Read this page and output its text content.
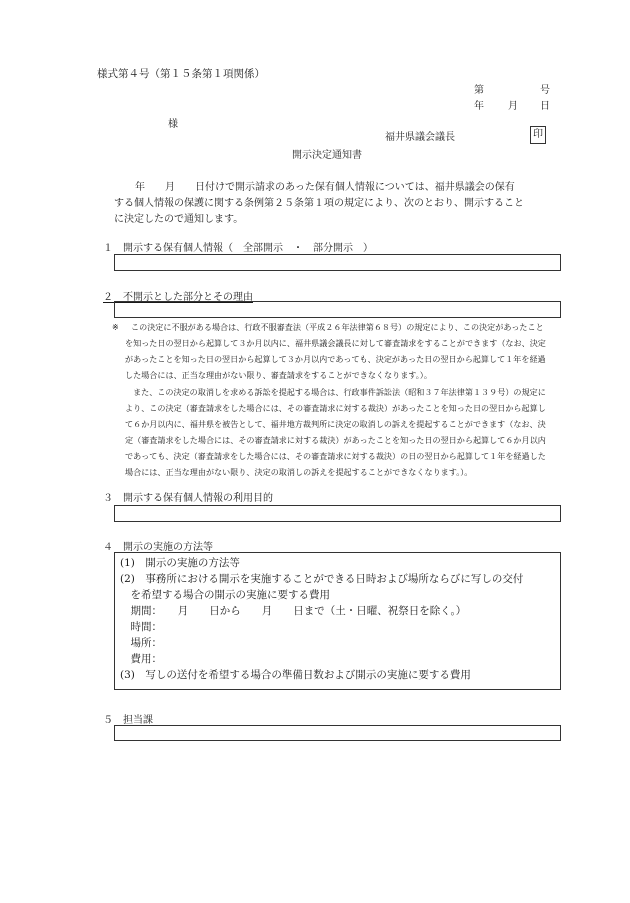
様式第４号（第１５条第１項関係）
第	号
年 月 日
様
福井県議会議長	印
開示決定通知書
年　　月　　日付けで開示請求のあった保有個人情報については、福井県議会の保有
する個人情報の保護に関する条例第２５条第１項の規定により、次のとおり、開示すること
に決定したので通知します。
１　開示する保有個人情報（　全部開示　・　部分開示　）
２　不開示とした部分とその理由
※ この決定に不服がある場合は、行政不服審査法（平成２６年法律第６８号）の規定により、この決定があったこと
を知った日の翌日から起算して３か月以内に、福井県議会議長に対して審査請求をすることができます（なお、決定
があったことを知った日の翌日から起算して３か月以内であっても、決定があった日の翌日から起算して１年を経過
した場合には、正当な理由がない限り、審査請求をすることができなくなります。）。
また、この決定の取消しを求める訴訟を提起する場合は、行政事件訴訟法（昭和３７年法律第１３９号）の規定に
より、この決定（審査請求をした場合には、その審査請求に対する裁決）があったことを知った日の翌日から起算し
て６か月以内に、福井県を被告として、福井地方裁判所に決定の取消しの訴えを提起することができます（なお、決
定（審査請求をした場合には、その審査請求に対する裁決）があったことを知った日の翌日から起算して６か月以内
であっても、決定（審査請求をした場合には、その審査請求に対する裁決）の日の翌日から起算して１年を経過した
場合には、正当な理由がない限り、決定の取消しの訴えを提起することができなくなります。）。
３　開示する保有個人情報の利用目的
４　開示の実施の方法等
(1)　開示の実施の方法等
(2)　事務所における開示を実施することができる日時および場所ならびに写しの交付
　を希望する場合の開示の実施に要する費用
　期間：　　月　　日から　　月　　日まで（土・日曜、祝祭日を除く。）
　時間：
　場所：
　費用：
(3)　写しの送付を希望する場合の準備日数および開示の実施に要する費用
５　担当課
